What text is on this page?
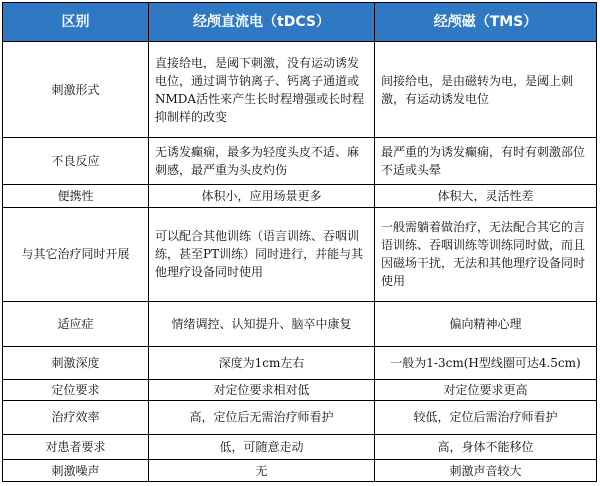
区别	经颅直流电（tDCS）	经颅磁（TMS）
刺激形式	直接给电，是阈下刺激，没有运动诱发电位，通过调节钠离子、钙离子通道或NMDA活性来产生长时程增强或长时程抑制样的改变	间接给电，是由磁转为电，是阈上刺激，有运动诱发电位
不良反应	无诱发癫痫，最多为轻度头皮不适、麻刺感，最严重为头皮灼伤	最严重的为诱发癫痫，有时有刺激部位不适或头晕
便携性	体积小，应用场景更多	体积大，灵活性差
与其它治疗同时开展	可以配合其他训练（语言训练、吞咽训练，甚至PT训练）同时进行，并能与其他理疗设备同时使用	一般需躺着做治疗，无法配合其它的言语训练、吞咽训练等训练同时做，而且因磁场干扰，无法和其他理疗设备同时使用
适应症	情绪调控、认知提升、脑卒中康复	偏向精神心理
刺激深度	深度为1cm左右	一般为1-3cm(H型线圈可达4.5cm)
定位要求	对定位要求相对低	对定位要求更高
治疗效率	高，定位后无需治疗师看护	较低，定位后需治疗师看护
对患者要求	低，可随意走动	高，身体不能移位
刺激噪声	无	刺激声音较大
